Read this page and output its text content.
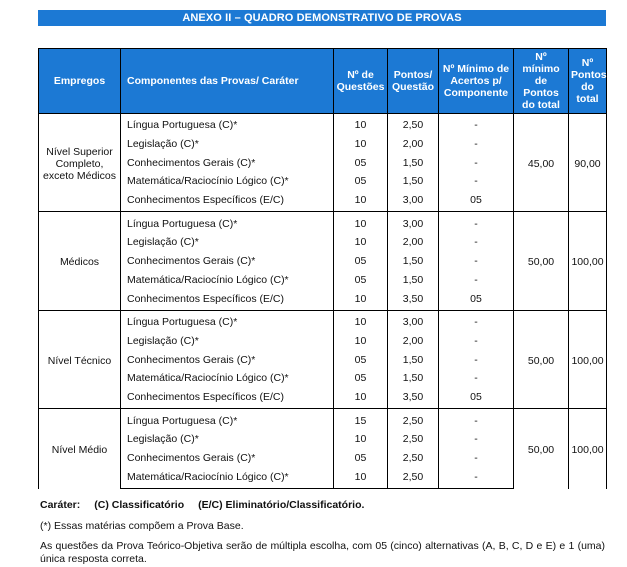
ANEXO II – QUADRO DEMONSTRATIVO DE PROVAS
Empregos	Componentes das Provas/ Caráter	Nº de Questões	Pontos/ Questão	Nº Mínimo de Acertos p/ Componente	Nº mínimo de Pontos do total	Nº Pontos do total
Nível Superior Completo, exceto Médicos	Língua Portuguesa (C)*	10	2,50	-	45,00	90,00
	Legislação (C)*	10	2,00	-		
	Conhecimentos Gerais (C)*	05	1,50	-		
	Matemática/Raciocínio Lógico (C)*	05	1,50	-		
	Conhecimentos Específicos (E/C)	10	3,00	05		
Médicos	Língua Portuguesa (C)*	10	3,00	-	50,00	100,00
	Legislação (C)*	10	2,00	-		
	Conhecimentos Gerais (C)*	05	1,50	-		
	Matemática/Raciocínio Lógico (C)*	05	1,50	-		
	Conhecimentos Específicos (E/C)	10	3,50	05		
Nível Técnico	Língua Portuguesa (C)*	10	3,00	-	50,00	100,00
	Legislação (C)*	10	2,00	-		
	Conhecimentos Gerais (C)*	05	1,50	-		
	Matemática/Raciocínio Lógico (C)*	05	1,50	-		
	Conhecimentos Específicos (E/C)	10	3,50	05		
Nível Médio	Língua Portuguesa (C)*	15	2,50	-	50,00	100,00
	Legislação (C)*	10	2,50	-		
	Conhecimentos Gerais (C)*	05	2,50	-		
	Matemática/Raciocínio Lógico (C)*	10	2,50	-		
Caráter: (C) Classificatório (E/C) Eliminatório/Classificatório.
(*) Essas matérias compõem a Prova Base.
As questões da Prova Teórico-Objetiva serão de múltipla escolha, com 05 (cinco) alternativas (A, B, C, D e E) e 1 (uma) única resposta correta.
